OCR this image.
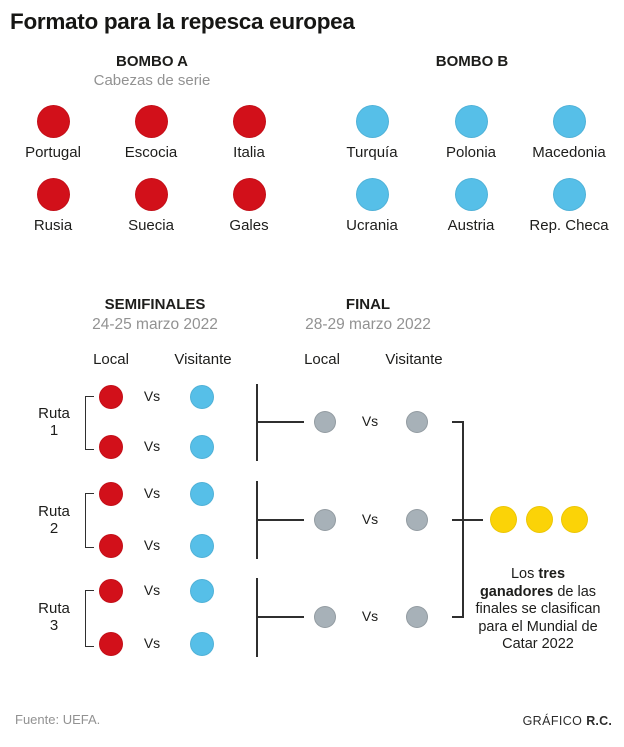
Formato para la repesca europea
BOMBO A
Cabezas de serie
BOMBO B
Portugal	Escocia	Italia
Rusia	Suecia	Gales
Turquía	Polonia	Macedonia
Ucrania	Austria	Rep. Checa
SEMIFINALES
24-25 marzo 2022
FINAL
28-29 marzo 2022
Local	Visitante	Local	Visitante
Ruta
1
Vs
Vs
Ruta
2
Vs
Vs
Ruta
3
Vs
Vs
Vs
Vs
Vs
Los tres ganadores de las finales se clasifican para el Mundial de Catar 2022
Fuente: UEFA.	GRÁFICO R.C.
